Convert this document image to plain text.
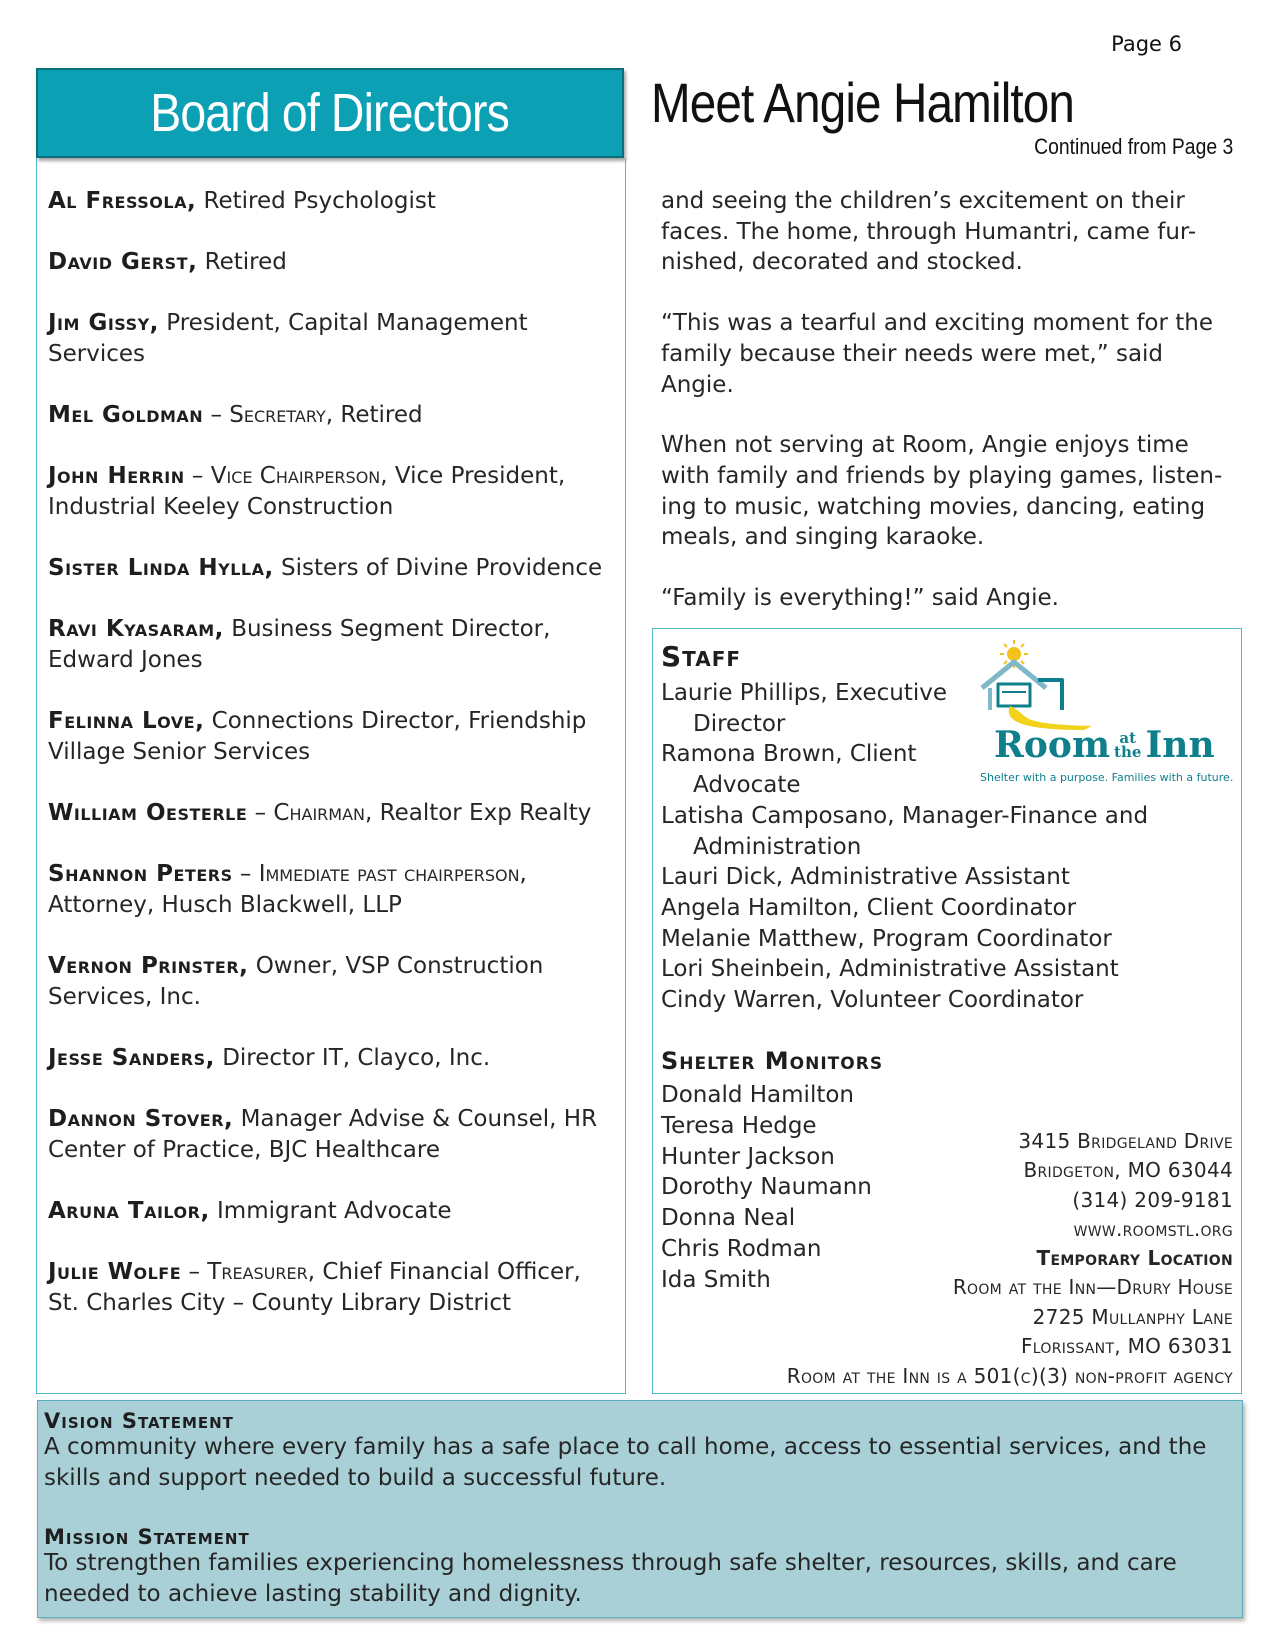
Page 6
Board of Directors
Al Fressola, Retired Psychologist
David Gerst, Retired
Jim Gissy, President, Capital Management Services
Mel Goldman – Secretary, Retired
John Herrin – Vice Chairperson, Vice President, Industrial Keeley Construction
Sister Linda Hylla, Sisters of Divine Providence
Ravi Kyasaram, Business Segment Director, Edward Jones
Felinna Love, Connections Director, Friendship Village Senior Services
William Oesterle – Chairman, Realtor Exp Realty
Shannon Peters – Immediate past chairperson, Attorney, Husch Blackwell, LLP
Vernon Prinster, Owner, VSP Construction Services, Inc.
Jesse Sanders, Director IT, Clayco, Inc.
Dannon Stover, Manager Advise & Counsel, HR Center of Practice, BJC Healthcare
Aruna Tailor, Immigrant Advocate
Julie Wolfe – Treasurer, Chief Financial Officer, St. Charles City – County Library District
Meet Angie Hamilton
Continued from Page 3

and seeing the children’s excitement on their faces. The home, through Humantri, came fur-nished, decorated and stocked.

“This was a tearful and exciting moment for the family because their needs were met,” said Angie.

When not serving at Room, Angie enjoys time with family and friends by playing games, listen-ing to music, watching movies, dancing, eating meals, and singing karaoke.

“Family is everything!” said Angie.

Staff
Laurie Phillips, Executive Director
Ramona Brown, Client Advocate
Latisha Camposano, Manager-Finance and Administration
Lauri Dick, Administrative Assistant
Angela Hamilton, Client Coordinator
Melanie Matthew, Program Coordinator
Lori Sheinbein, Administrative Assistant
Cindy Warren, Volunteer Coordinator
Room at
the Inn
Shelter with a purpose. Families with a future.
Shelter Monitors
Donald Hamilton
Teresa Hedge
Hunter Jackson
Dorothy Naumann
Donna Neal
Chris Rodman
Ida Smith
3415 Bridgeland Drive
Bridgeton, MO 63044
(314) 209-9181
www.roomstl.org
Temporary Location
Room at the Inn—Drury House
2725 Mullanphy Lane
Florissant, MO 63031
Room at the Inn is a 501(c)(3) non-profit agency
Vision Statement
A community where every family has a safe place to call home, access to essential services, and the skills and support needed to build a successful future.
Mission Statement
To strengthen families experiencing homelessness through safe shelter, resources, skills, and care needed to achieve lasting stability and dignity.
